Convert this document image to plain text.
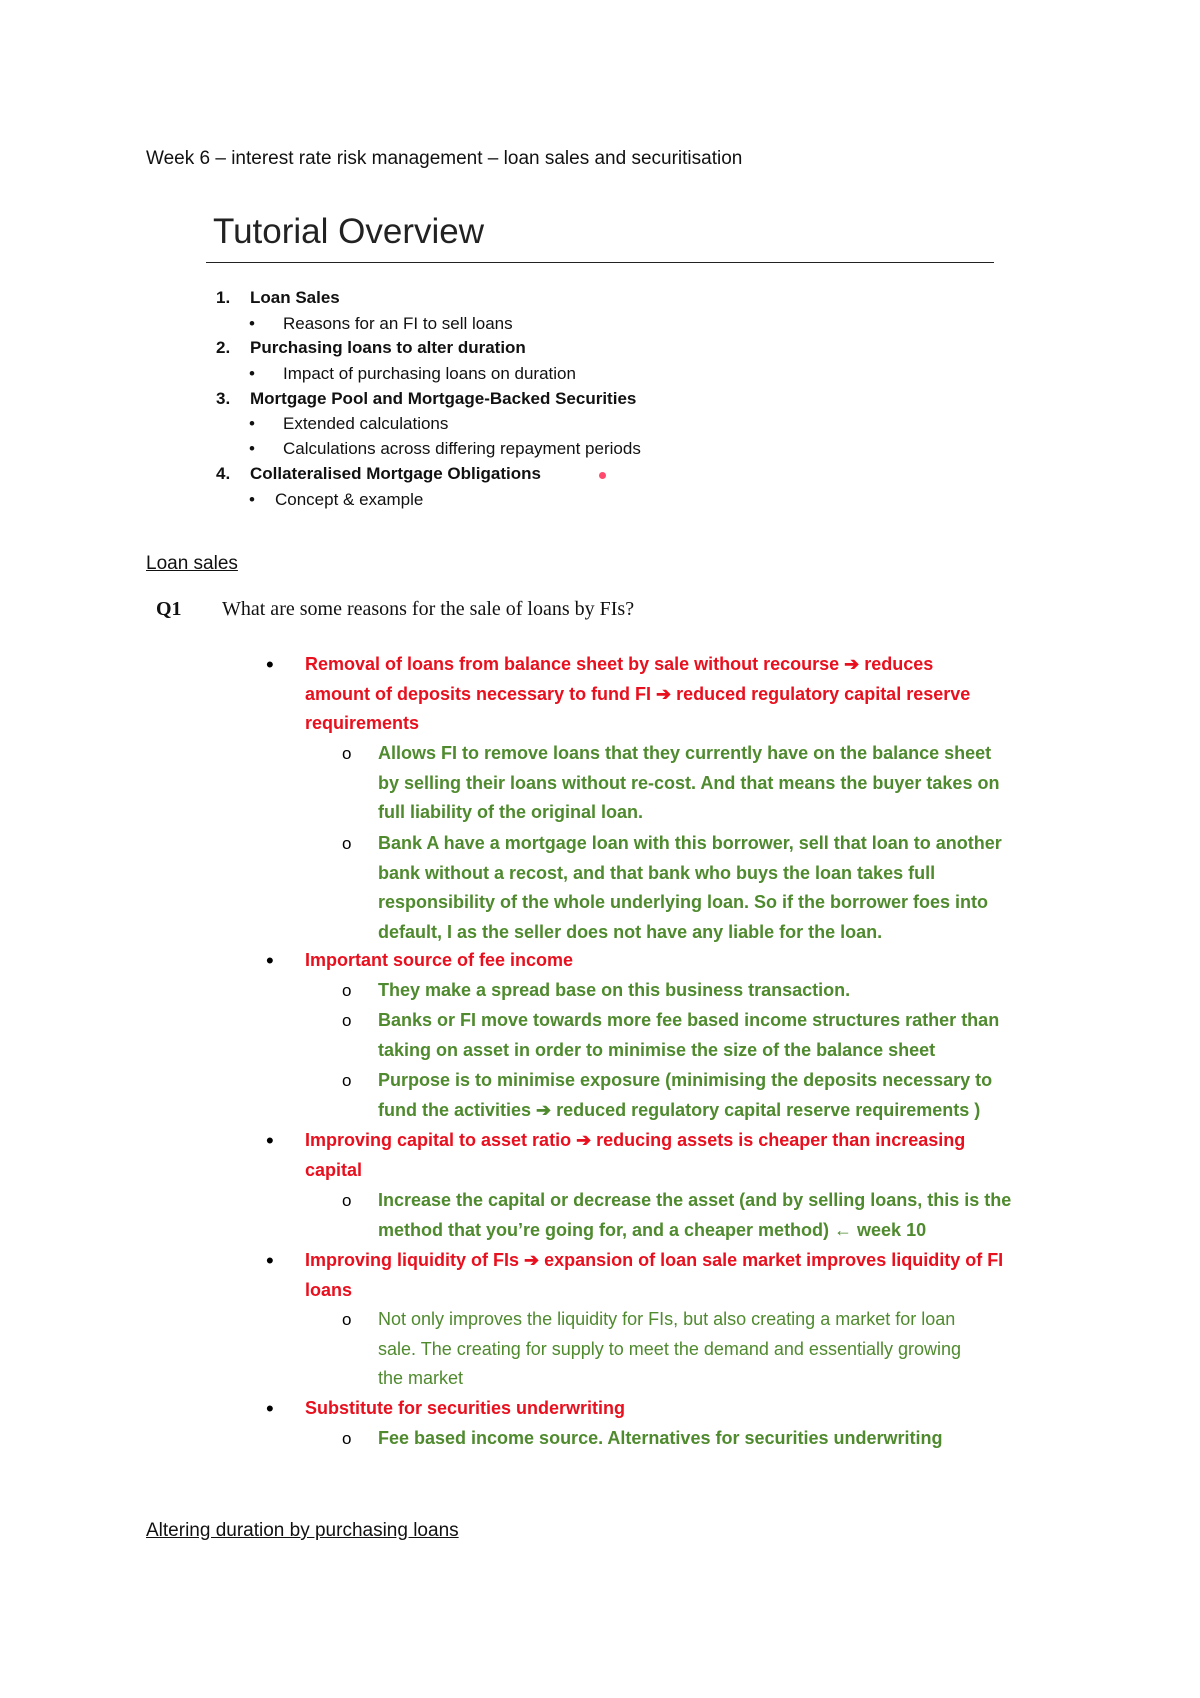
Week 6 – interest rate risk management – loan sales and securitisation
Tutorial Overview
1. Loan Sales
• Reasons for an FI to sell loans
2. Purchasing loans to alter duration
• Impact of purchasing loans on duration
3. Mortgage Pool and Mortgage-Backed Securities
• Extended calculations
• Calculations across differing repayment periods
4. Collateralised Mortgage Obligations
• Concept & example
Loan sales
Q1 What are some reasons for the sale of loans by FIs?
• Removal of loans from balance sheet by sale without recourse ➔ reduces
amount of deposits necessary to fund FI ➔ reduced regulatory capital reserve
requirements
o Allows FI to remove loans that they currently have on the balance sheet
by selling their loans without re-cost. And that means the buyer takes on
full liability of the original loan.
o Bank A have a mortgage loan with this borrower, sell that loan to another
bank without a recost, and that bank who buys the loan takes full
responsibility of the whole underlying loan. So if the borrower foes into
default, I as the seller does not have any liable for the loan.
• Important source of fee income
o They make a spread base on this business transaction.
o Banks or FI move towards more fee based income structures rather than
taking on asset in order to minimise the size of the balance sheet
o Purpose is to minimise exposure (minimising the deposits necessary to
fund the activities ➔ reduced regulatory capital reserve requirements )
• Improving capital to asset ratio ➔ reducing assets is cheaper than increasing
capital
o Increase the capital or decrease the asset (and by selling loans, this is the
method that you’re going for, and a cheaper method) ← week 10
• Improving liquidity of FIs ➔ expansion of loan sale market improves liquidity of FI
loans
o Not only improves the liquidity for FIs, but also creating a market for loan
sale. The creating for supply to meet the demand and essentially growing
the market
• Substitute for securities underwriting
o Fee based income source. Alternatives for securities underwriting
Altering duration by purchasing loans
